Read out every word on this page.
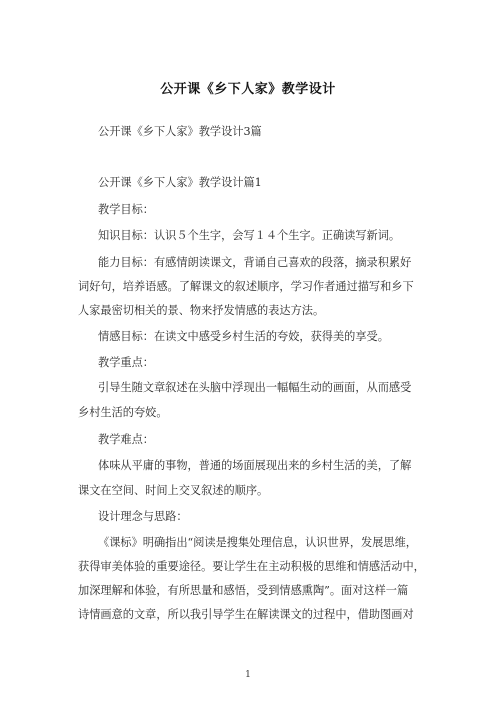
公开课《乡下人家》教学设计
公开课《乡下人家》教学设计3篇
公开课《乡下人家》教学设计篇1
教学目标：
知识目标：认识５个生字，会写１４个生字。正确读写新词。
能力目标：有感情朗读课文，背诵自己喜欢的段落，摘录积累好
词好句，培养语感。了解课文的叙述顺序，学习作者通过描写和乡下
人家最密切相关的景、物来抒发情感的表达方法。
情感目标：在读文中感受乡村生活的夸姣，获得美的享受。
教学重点：
引导生随文章叙述在头脑中浮现出一幅幅生动的画面，从而感受
乡村生活的夸姣。
教学难点：
体味从平庸的事物，普通的场面展现出来的乡村生活的美，了解
课文在空间、时间上交叉叙述的顺序。
设计理念与思路：
《课标》明确指出“阅读是搜集处理信息，认识世界，发展思维，
获得审美体验的重要途径。要让学生在主动积极的思维和情感活动中，
加深理解和体验，有所思量和感悟，受到情感熏陶”。面对这样一篇
诗情画意的文章，所以我引导学生在解读课文的过程中，借助图画对
1
